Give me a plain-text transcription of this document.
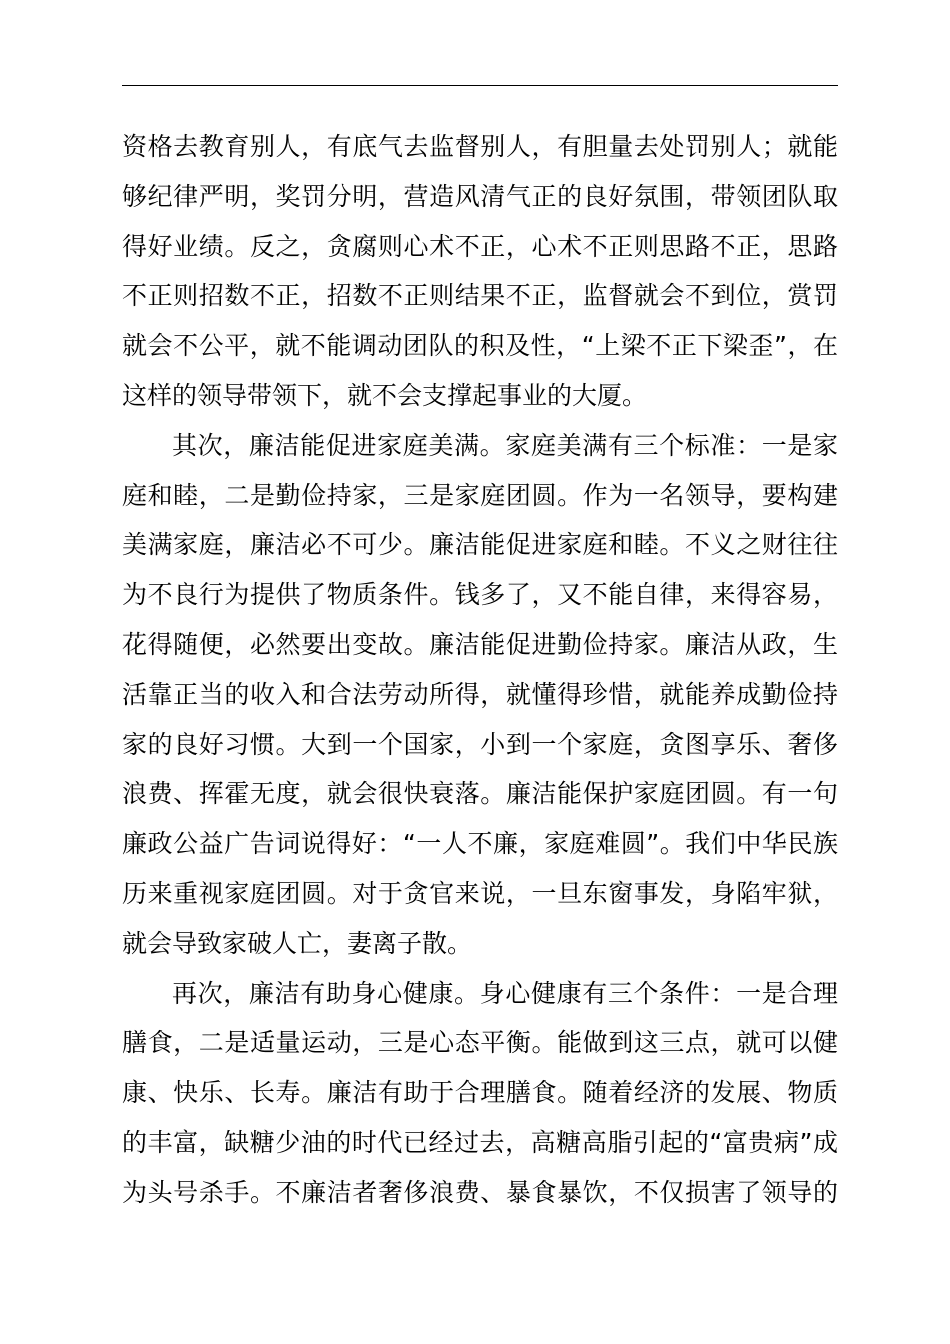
资格去教育别人，有底气去监督别人，有胆量去处罚别人；就能
够纪律严明，奖罚分明，营造风清气正的良好氛围，带领团队取
得好业绩。反之，贪腐则心术不正，心术不正则思路不正，思路
不正则招数不正，招数不正则结果不正，监督就会不到位，赏罚
就会不公平，就不能调动团队的积及性，“上梁不正下梁歪”，在
这样的领导带领下，就不会支撑起事业的大厦。

其次，廉洁能促进家庭美满。家庭美满有三个标准：一是家
庭和睦，二是勤俭持家，三是家庭团圆。作为一名领导，要构建
美满家庭，廉洁必不可少。廉洁能促进家庭和睦。不义之财往往
为不良行为提供了物质条件。钱多了，又不能自律，来得容易，
花得随便，必然要出变故。廉洁能促进勤俭持家。廉洁从政，生
活靠正当的收入和合法劳动所得，就懂得珍惜，就能养成勤俭持
家的良好习惯。大到一个国家，小到一个家庭，贪图享乐、奢侈
浪费、挥霍无度，就会很快衰落。廉洁能保护家庭团圆。有一句
廉政公益广告词说得好：“一人不廉，家庭难圆”。我们中华民族
历来重视家庭团圆。对于贪官来说，一旦东窗事发，身陷牢狱，
就会导致家破人亡，妻离子散。

再次，廉洁有助身心健康。身心健康有三个条件：一是合理
膳食，二是适量运动，三是心态平衡。能做到这三点，就可以健
康、快乐、长寿。廉洁有助于合理膳食。随着经济的发展、物质
的丰富，缺糖少油的时代已经过去，高糖高脂引起的“富贵病”成
为头号杀手。不廉洁者奢侈浪费、暴食暴饮，不仅损害了领导的
